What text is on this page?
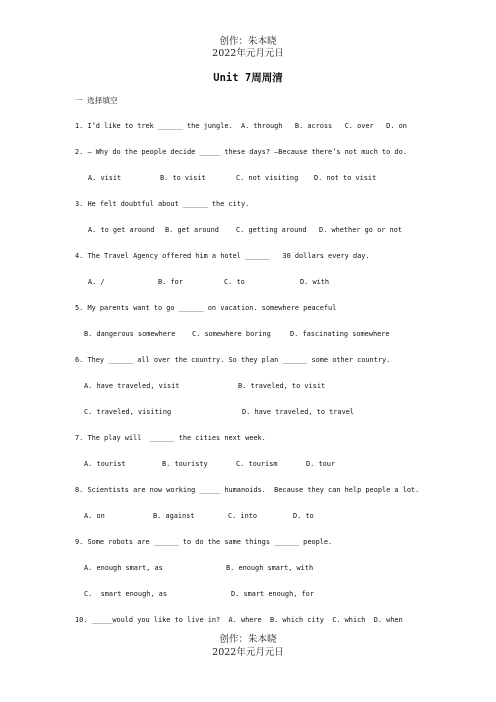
创作：朱本晓
2022年元月元日
Unit 7周周清
一 选择填空
1. I’d like to trek ______ the jungle.  A. through   B. across   C. over   D. on
2. — Why do the people decide _____ these days? —Because there’s not much to do.
A. visit	B. to visit	C. not visiting D. not to visit
3. He felt doubtful about ______ the city.
A. to get around B. get around C. getting around D. whether go or not
4. The Travel Agency offered him a hotel ______   30 dollars every day.
A. /	B. for	C. to	D. with
5. My parents want to go ______ on vacation. somewhere peaceful
B. dangerous somewhere C. somewhere boring	D. fascinating somewhere
6. They ______ all over the country. So they plan ______ some other country.
A. have traveled, visit	B. traveled, to visit
C. traveled, visiting	D. have traveled, to travel
7. The play will  ______ the cities next week.
A. tourist	B. touristy	C. tourism	D. tour
8. Scientists are now working _____ humanoids.  Because they can help people a lot.
A. on	B. against	C. into	D. to
9. Some robots are ______ to do the same things ______ people.
A. enough smart, as	B. enough smart, with
C.  smart enough, as	D. smart enough, for
10. _____would you like to live in?  A. where  B. which city  C. which  D. when
创作：朱本晓
2022年元月元日
